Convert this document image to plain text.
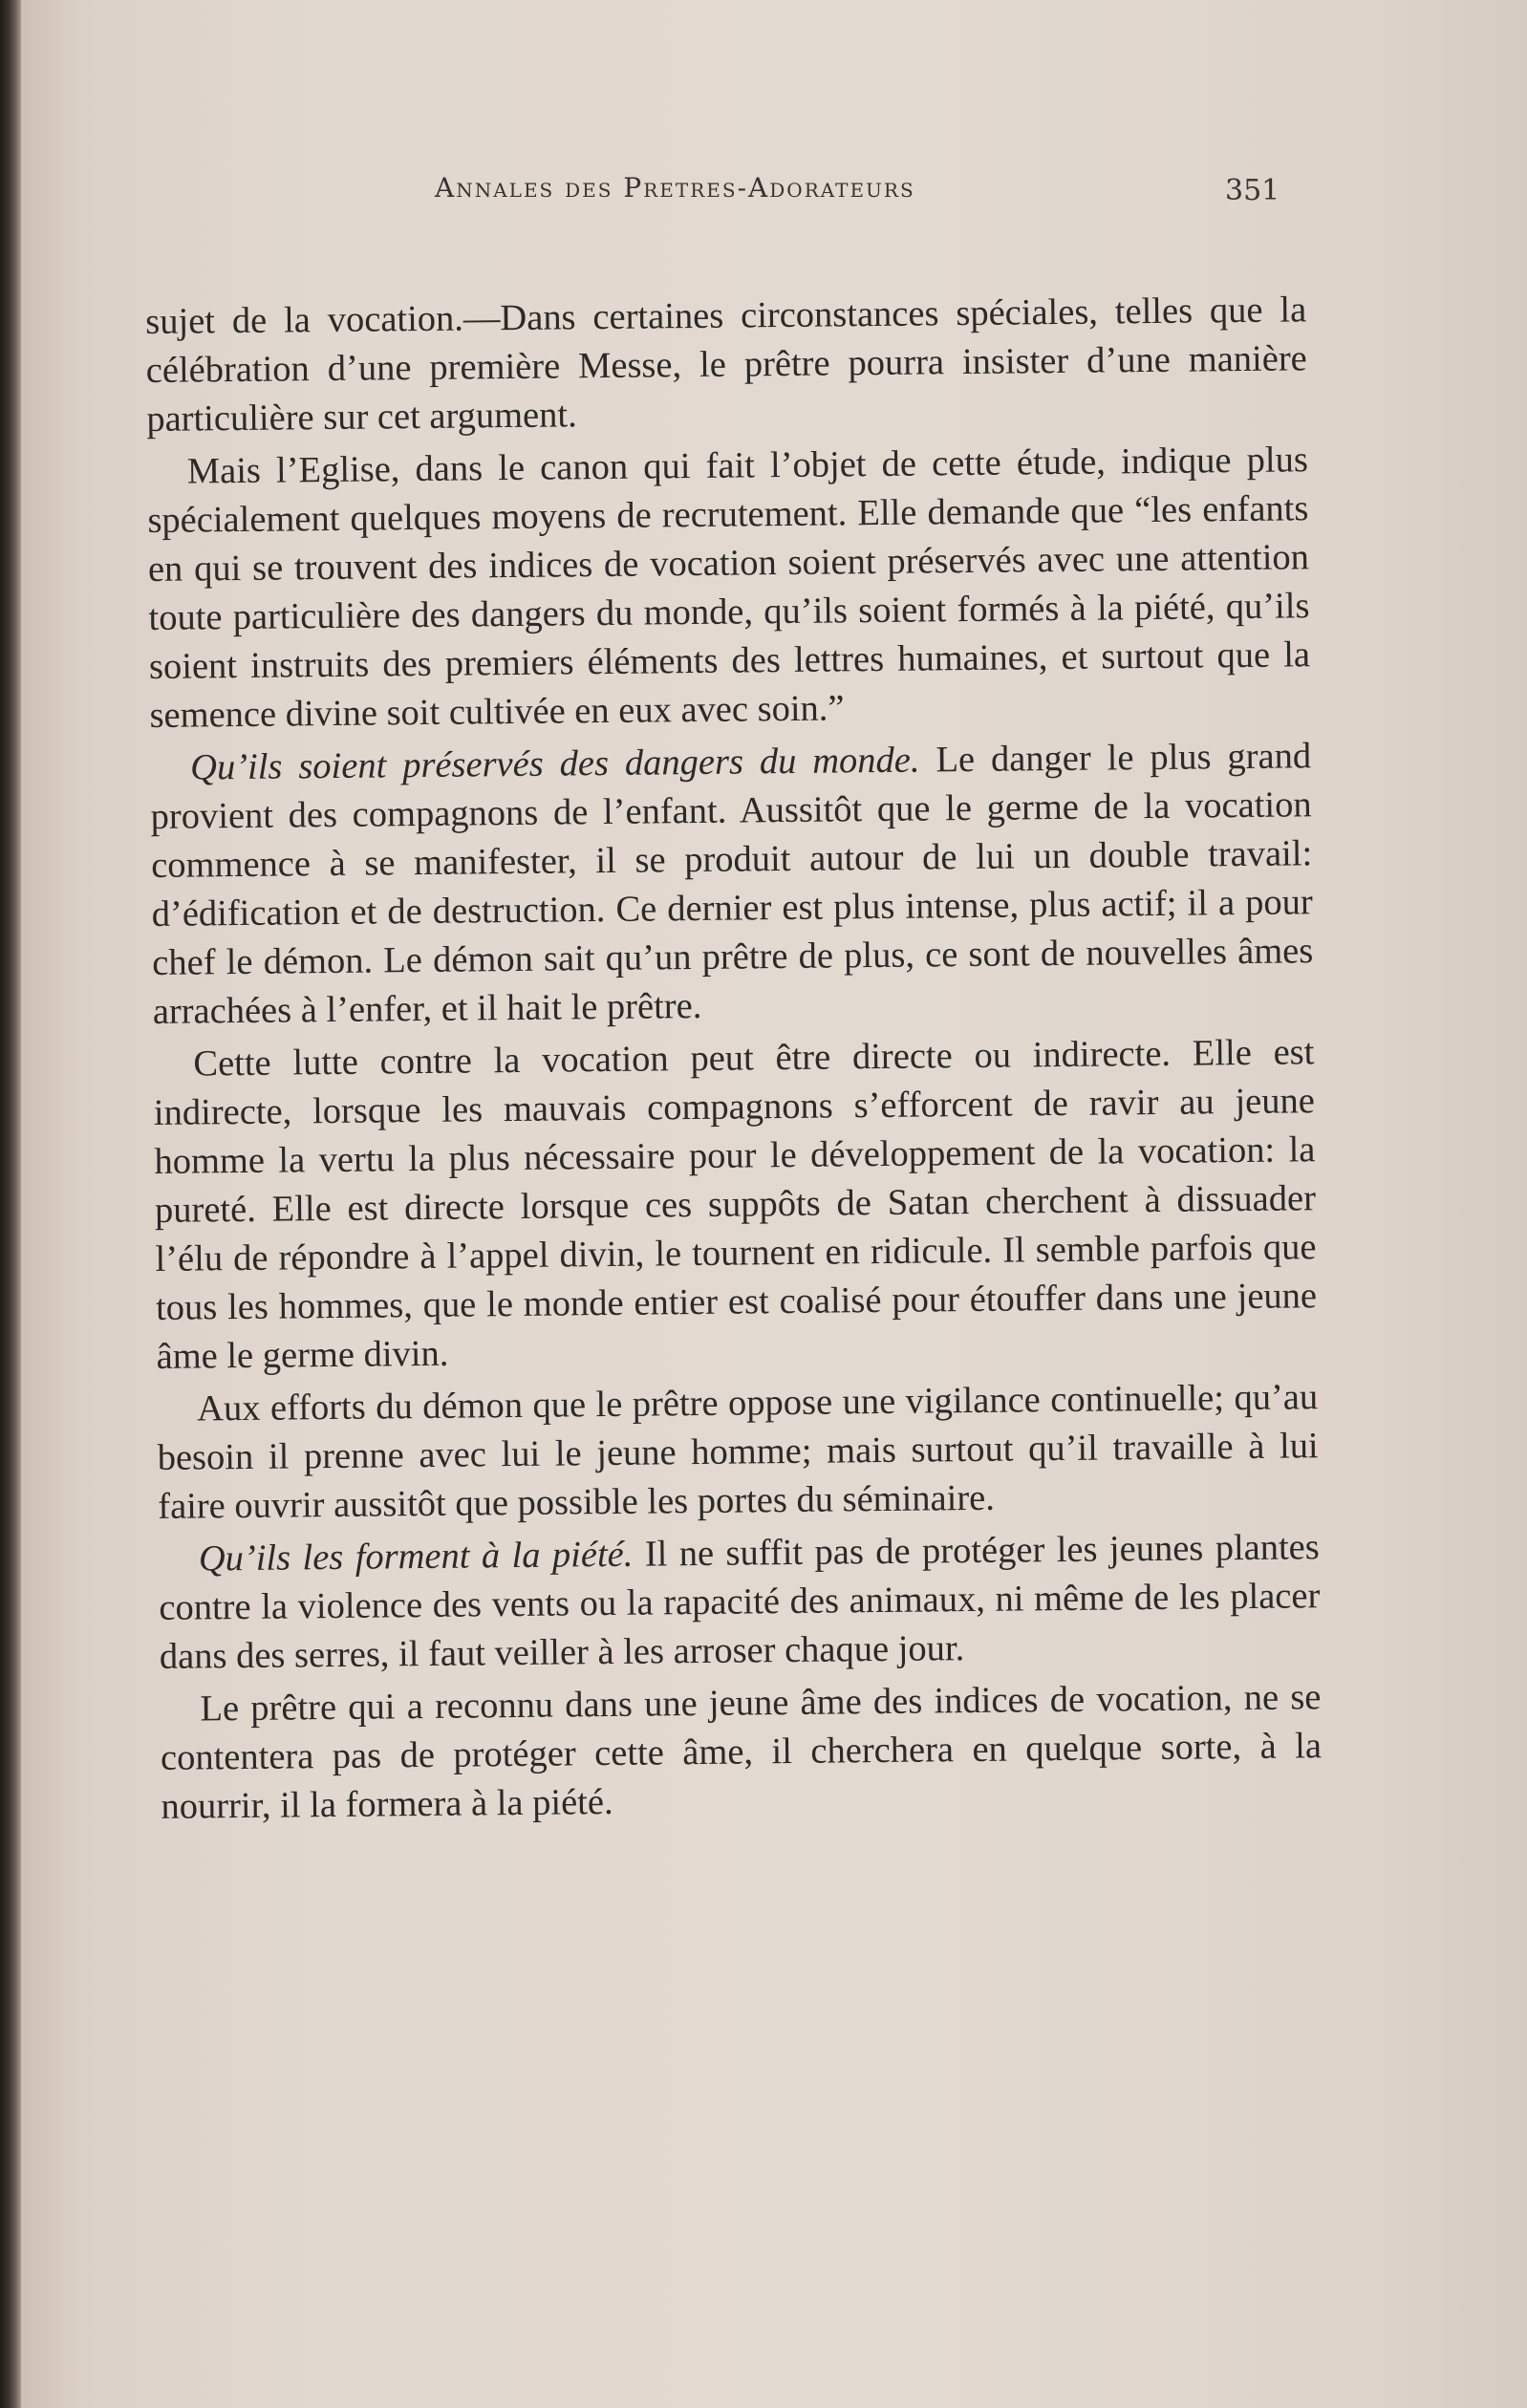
Annales des Pretres-Adorateurs	351

sujet de la vocation.—Dans certaines circonstances spéciales, telles que la célébration d’une première Messe, le prêtre pourra insister d’une manière particulière sur cet argument.

Mais l’Eglise, dans le canon qui fait l’objet de cette étude, indique plus spécialement quelques moyens de recrutement. Elle demande que “les enfants en qui se trouvent des indices de vocation soient préservés avec une attention toute particulière des dangers du monde, qu’ils soient formés à la piété, qu’ils soient instruits des premiers éléments des lettres humaines, et surtout que la semence divine soit cultivée en eux avec soin.”

Qu’ils soient préservés des dangers du monde. Le danger le plus grand provient des compagnons de l’enfant. Aussitôt que le germe de la vocation commence à se manifester, il se produit autour de lui un double travail: d’édification et de destruction. Ce dernier est plus intense, plus actif; il a pour chef le démon. Le démon sait qu’un prêtre de plus, ce sont de nouvelles âmes arrachées à l’enfer, et il hait le prêtre.

Cette lutte contre la vocation peut être directe ou indirecte. Elle est indirecte, lorsque les mauvais compagnons s’efforcent de ravir au jeune homme la vertu la plus nécessaire pour le développement de la vocation: la pureté. Elle est directe lorsque ces suppôts de Satan cherchent à dissuader l’élu de répondre à l’appel divin, le tournent en ridicule. Il semble parfois que tous les hommes, que le monde entier est coalisé pour étouffer dans une jeune âme le germe divin.

Aux efforts du démon que le prêtre oppose une vigilance continuelle; qu’au besoin il prenne avec lui le jeune homme; mais surtout qu’il travaille à lui faire ouvrir aussitôt que possible les portes du séminaire.

Qu’ils les forment à la piété. Il ne suffit pas de protéger les jeunes plantes contre la violence des vents ou la rapacité des animaux, ni même de les placer dans des serres, il faut veiller à les arroser chaque jour.

Le prêtre qui a reconnu dans une jeune âme des indices de vocation, ne se contentera pas de protéger cette âme, il cherchera en quelque sorte, à la nourrir, il la formera à la piété.
